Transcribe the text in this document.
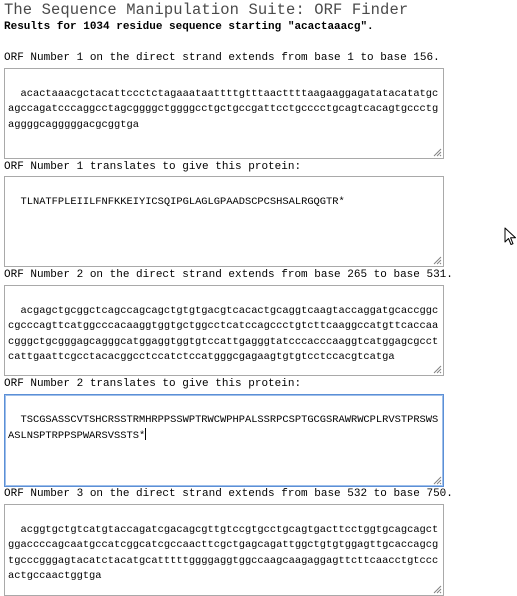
The Sequence Manipulation Suite: ORF Finder
Results for 1034 residue sequence starting "acactaaacg".
ORF Number 1 on the direct strand extends from base 1 to base 156.

acactaaacgctacattccctctagaaataattttgtttaacttttaagaaggagatatacatatgcagccagatcccaggcctagcggggctggggcctgctgccgattcctgcccctgcagtcacagtgccctgaggggcagggggacgcggtga

ORF Number 1 translates to give this protein:

TLNATFPLEIILFNFKKEIYICSQIPGLAGLGPAADSCPCSHSALRGQGTR*

ORF Number 2 on the direct strand extends from base 265 to base 531.

acgagctgcggctcagccagcagctgtgtgacgtcacactgcaggtcaagtaccaggatgcaccggccgcccagttcatggcccacaaggtggtgctggcctcatccagccctgtcttcaaggccatgttcaccaacgggctgcgggagcagggcatggaggtggtgtccattgagggtatcccacccaaggtcatggagcgcctcattgaattcgcctacacggcctccatctccatgggcgagaagtgtgtcctccacgtcatga

ORF Number 2 translates to give this protein:

TSCGSASSCVTSHCRSSTRMHRPPSSWPTRWCWPHPALSSRPCSPTGCGSRAWRWCPLRVSTPRSWSASLNSPTRPPSPWARSVSSTS*

ORF Number 3 on the direct strand extends from base 532 to base 750.

acggtgctgtcatgtaccagatcgacagcgttgtccgtgcctgcagtgacttcctggtgcagcagctggaccccagcaatgccatcggcatcgccaacttcgctgagcagattggctgtgtggagttgcaccagcgtgcccgggagtacatctacatgcatttttggggaggtggccaagcaagaggagttcttcaacctgtcccactgccaactggtga
